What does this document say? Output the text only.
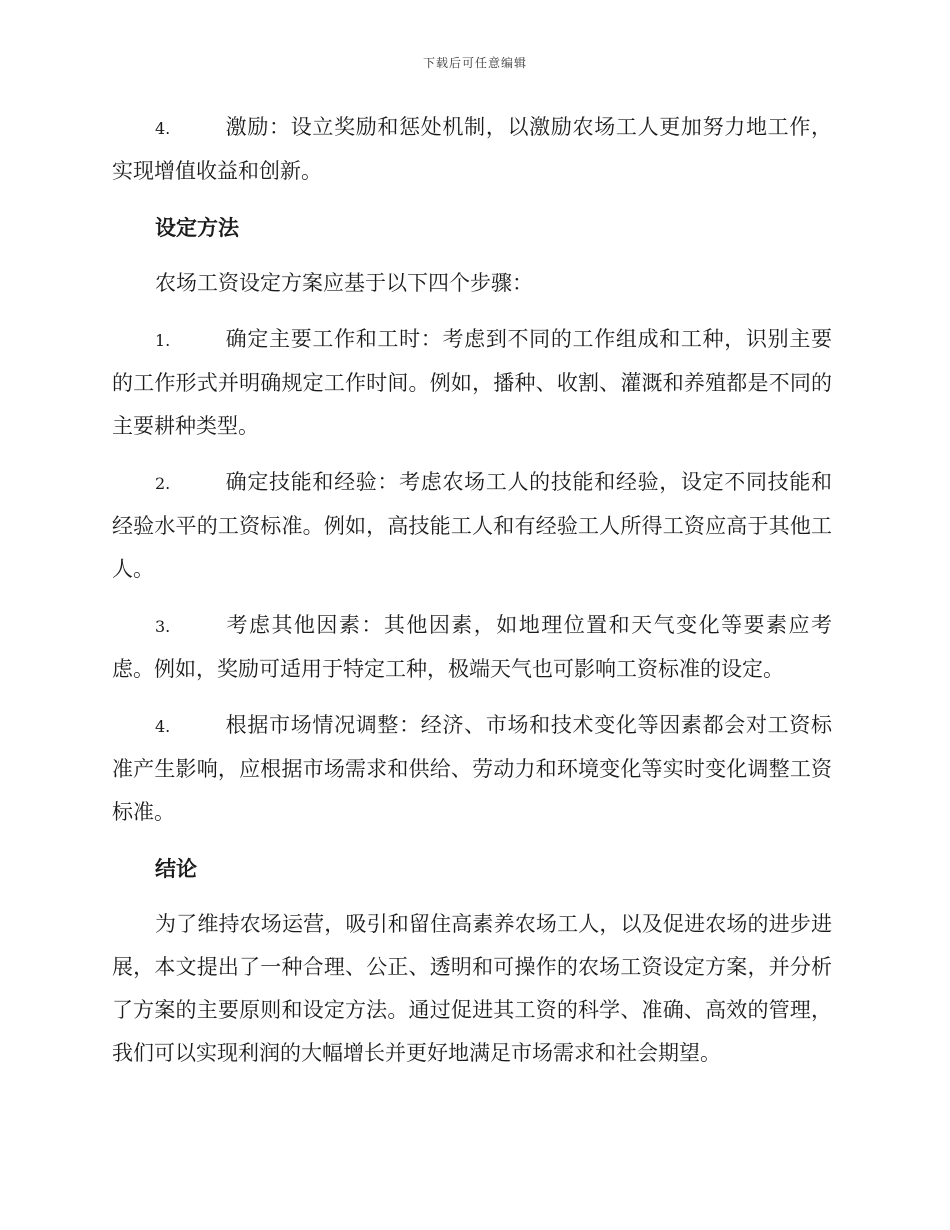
下载后可任意编辑

4.	激励：设立奖励和惩处机制，以激励农场工人更加努力地工作，实现增值收益和创新。

设定方法

农场工资设定方案应基于以下四个步骤：

1.	确定主要工作和工时：考虑到不同的工作组成和工种，识别主要的工作形式并明确规定工作时间。例如，播种、收割、灌溉和养殖都是不同的主要耕种类型。

2.	确定技能和经验：考虑农场工人的技能和经验，设定不同技能和经验水平的工资标准。例如，高技能工人和有经验工人所得工资应高于其他工人。

3.	考虑其他因素：其他因素，如地理位置和天气变化等要素应考虑。例如，奖励可适用于特定工种，极端天气也可影响工资标准的设定。

4.	根据市场情况调整：经济、市场和技术变化等因素都会对工资标准产生影响，应根据市场需求和供给、劳动力和环境变化等实时变化调整工资标准。

结论

为了维持农场运营，吸引和留住高素养农场工人，以及促进农场的进步进展，本文提出了一种合理、公正、透明和可操作的农场工资设定方案，并分析了方案的主要原则和设定方法。通过促进其工资的科学、准确、高效的管理，我们可以实现利润的大幅增长并更好地满足市场需求和社会期望。
